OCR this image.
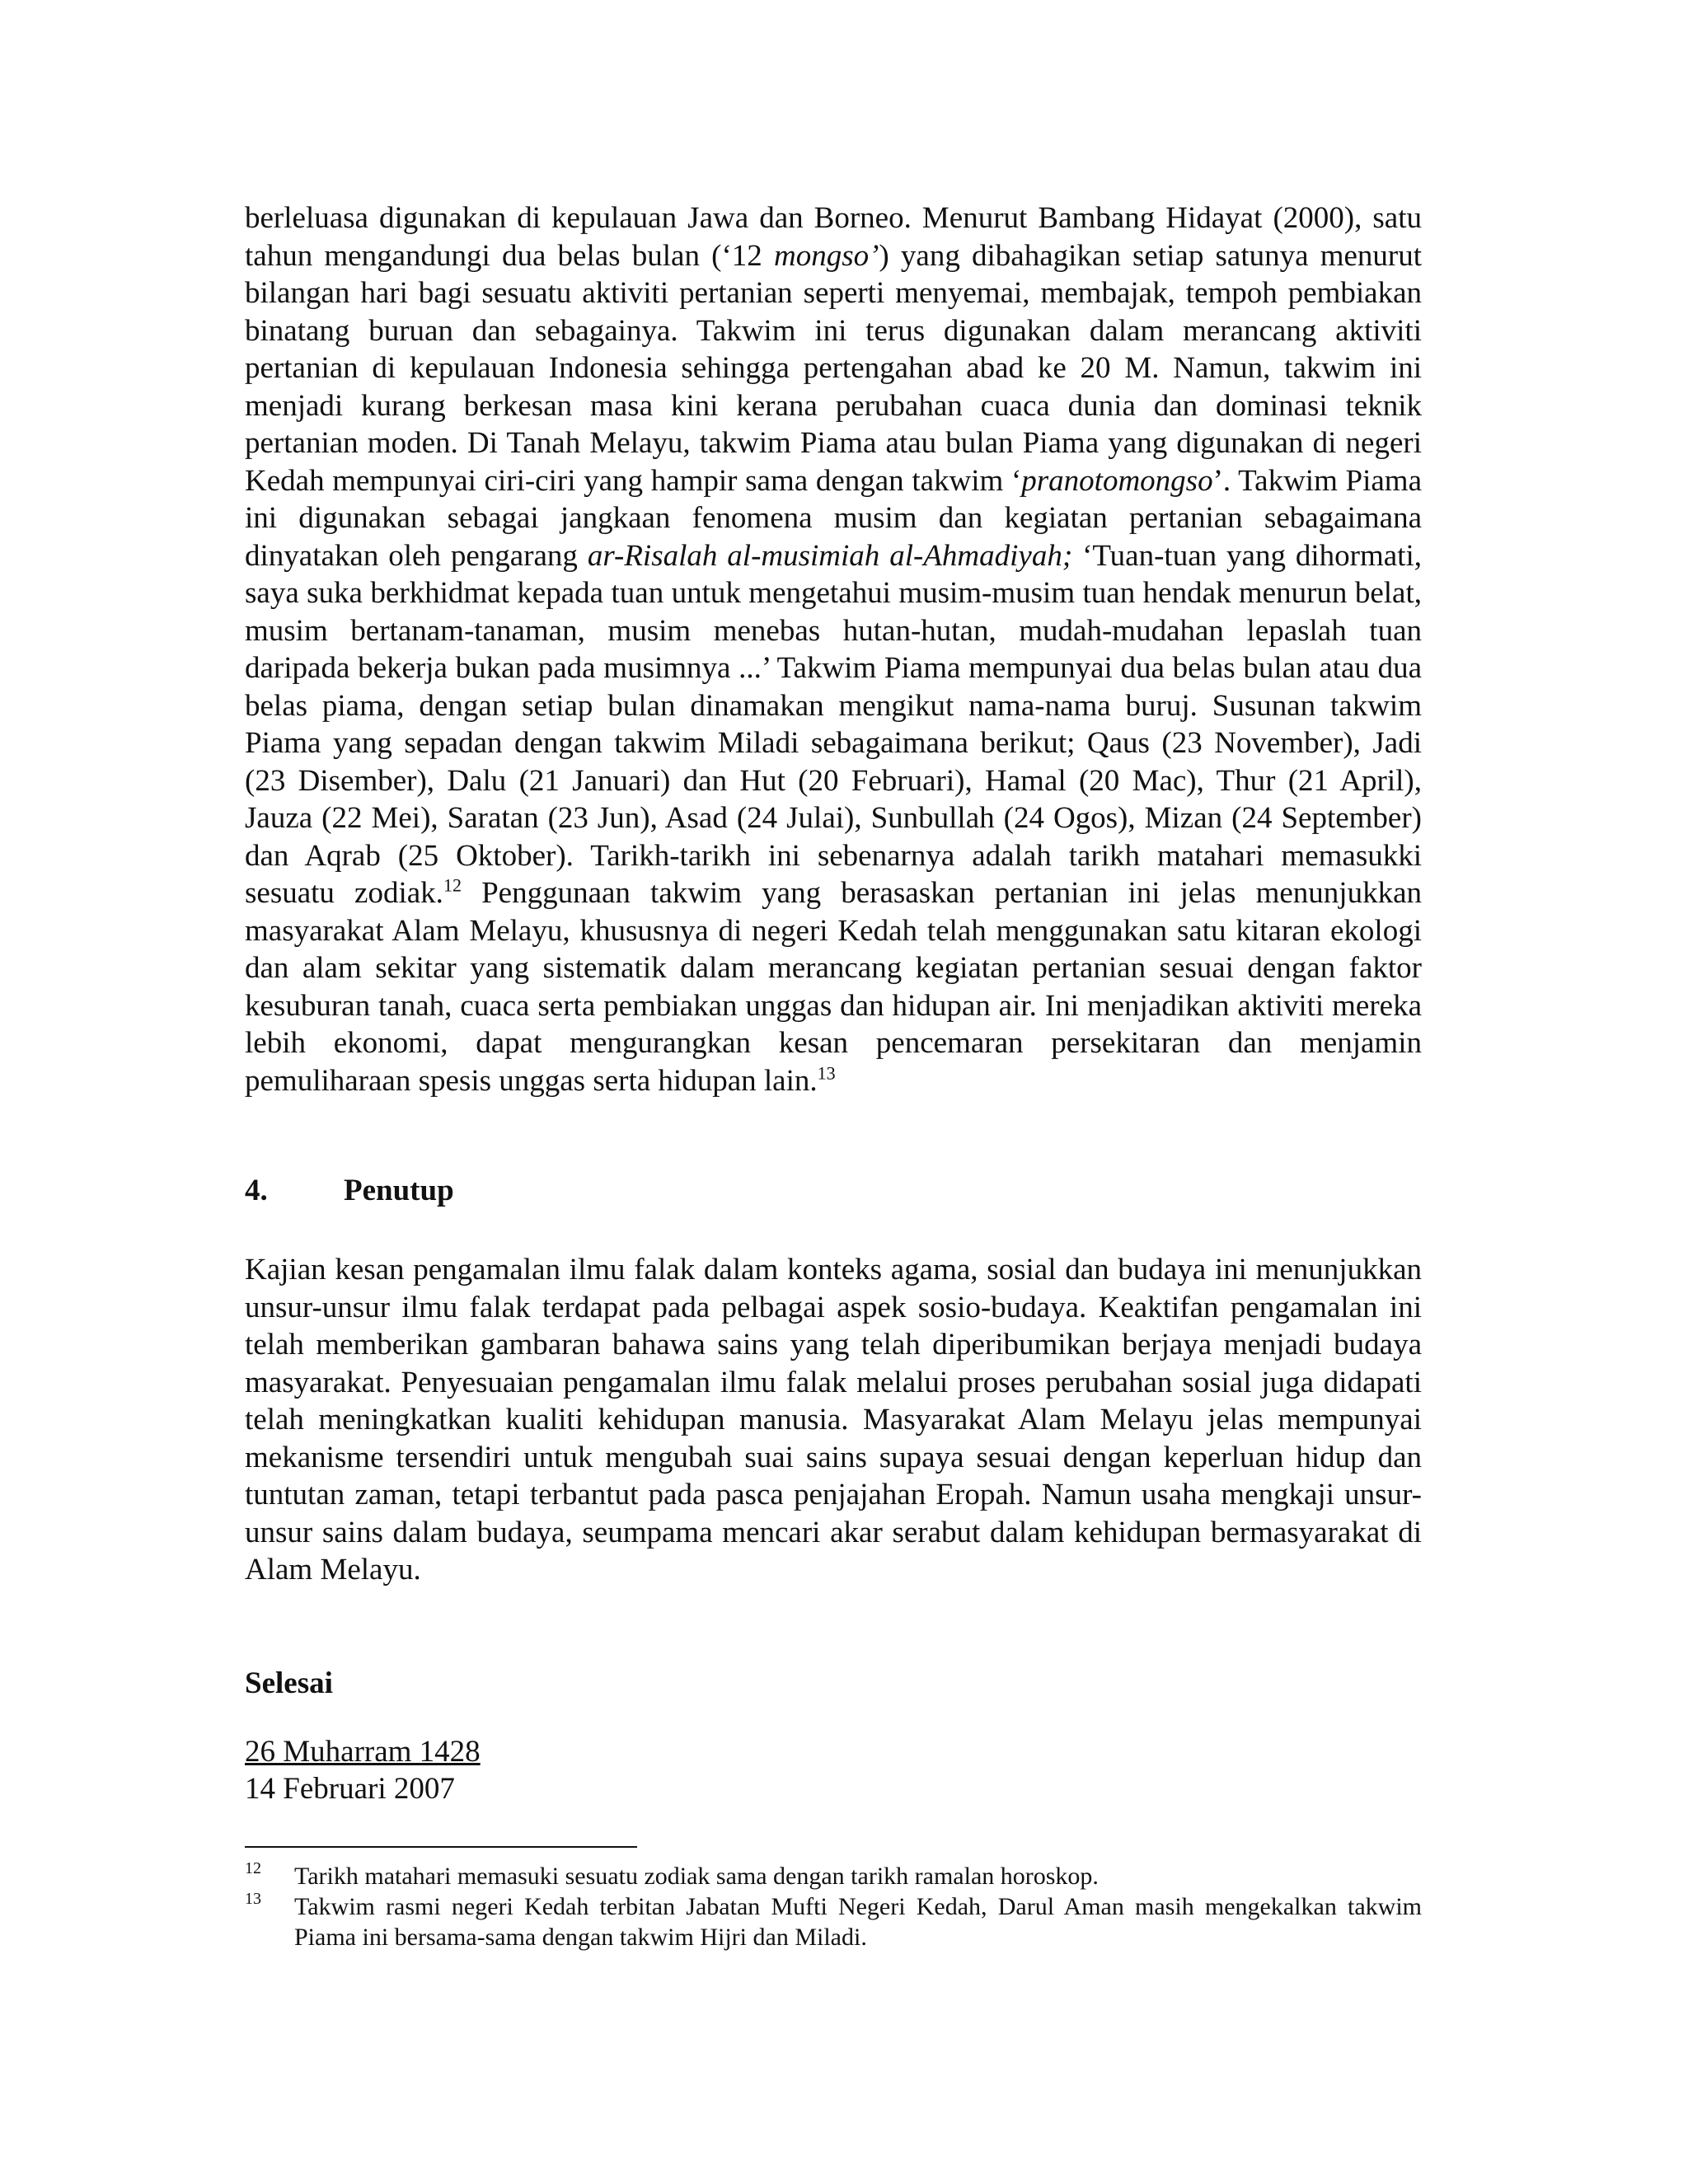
berleluasa digunakan di kepulauan Jawa dan Borneo. Menurut Bambang Hidayat (2000), satu tahun mengandungi dua belas bulan (‘12 mongso’) yang dibahagikan setiap satunya menurut bilangan hari bagi sesuatu aktiviti pertanian seperti menyemai, membajak, tempoh pembiakan binatang buruan dan sebagainya. Takwim ini terus digunakan dalam merancang aktiviti pertanian di kepulauan Indonesia sehingga pertengahan abad ke 20 M. Namun, takwim ini menjadi kurang berkesan masa kini kerana perubahan cuaca dunia dan dominasi teknik pertanian moden. Di Tanah Melayu, takwim Piama atau bulan Piama yang digunakan di negeri Kedah mempunyai ciri-ciri yang hampir sama dengan takwim ‘pranotomongso’. Takwim Piama ini digunakan sebagai jangkaan fenomena musim dan kegiatan pertanian sebagaimana dinyatakan oleh pengarang ar-Risalah al-musimiah al-Ahmadiyah; ‘Tuan-tuan yang dihormati, saya suka berkhidmat kepada tuan untuk mengetahui musim-musim tuan hendak menurun belat, musim bertanam-tanaman, musim menebas hutan-hutan, mudah-mudahan lepaslah tuan daripada bekerja bukan pada musimnya ...’ Takwim Piama mempunyai dua belas bulan atau dua belas piama, dengan setiap bulan dinamakan mengikut nama-nama buruj. Susunan takwim Piama yang sepadan dengan takwim Miladi sebagaimana berikut; Qaus (23 November), Jadi (23 Disember), Dalu (21 Januari) dan Hut (20 Februari), Hamal (20 Mac), Thur (21 April), Jauza (22 Mei), Saratan (23 Jun), Asad (24 Julai), Sunbullah (24 Ogos), Mizan (24 September) dan Aqrab (25 Oktober). Tarikh-tarikh ini sebenarnya adalah tarikh matahari memasukki sesuatu zodiak.$^{12}$ Penggunaan takwim yang berasaskan pertanian ini jelas menunjukkan masyarakat Alam Melayu, khususnya di negeri Kedah telah menggunakan satu kitaran ekologi dan alam sekitar yang sistematik dalam merancang kegiatan pertanian sesuai dengan faktor kesuburan tanah, cuaca serta pembiakan unggas dan hidupan air. Ini menjadikan aktiviti mereka lebih ekonomi, dapat mengurangkan kesan pencemaran persekitaran dan menjamin pemuliharaan spesis unggas serta hidupan lain.$^{13}$

4. Penutup

Kajian kesan pengamalan ilmu falak dalam konteks agama, sosial dan budaya ini menunjukkan unsur-unsur ilmu falak terdapat pada pelbagai aspek sosio-budaya. Keaktifan pengamalan ini telah memberikan gambaran bahawa sains yang telah diperibumikan berjaya menjadi budaya masyarakat. Penyesuaian pengamalan ilmu falak melalui proses perubahan sosial juga didapati telah meningkatkan kualiti kehidupan manusia. Masyarakat Alam Melayu jelas mempunyai mekanisme tersendiri untuk mengubah suai sains supaya sesuai dengan keperluan hidup dan tuntutan zaman, tetapi terbantut pada pasca penjajahan Eropah. Namun usaha mengkaji unsur-unsur sains dalam budaya, seumpama mencari akar serabut dalam kehidupan bermasyarakat di Alam Melayu.

Selesai

26 Muharram 1428
14 Februari 2007
12	Tarikh matahari memasuki sesuatu zodiak sama dengan tarikh ramalan horoskop.
13	Takwim rasmi negeri Kedah terbitan Jabatan Mufti Negeri Kedah, Darul Aman masih mengekalkan takwim Piama ini bersama-sama dengan takwim Hijri dan Miladi.
